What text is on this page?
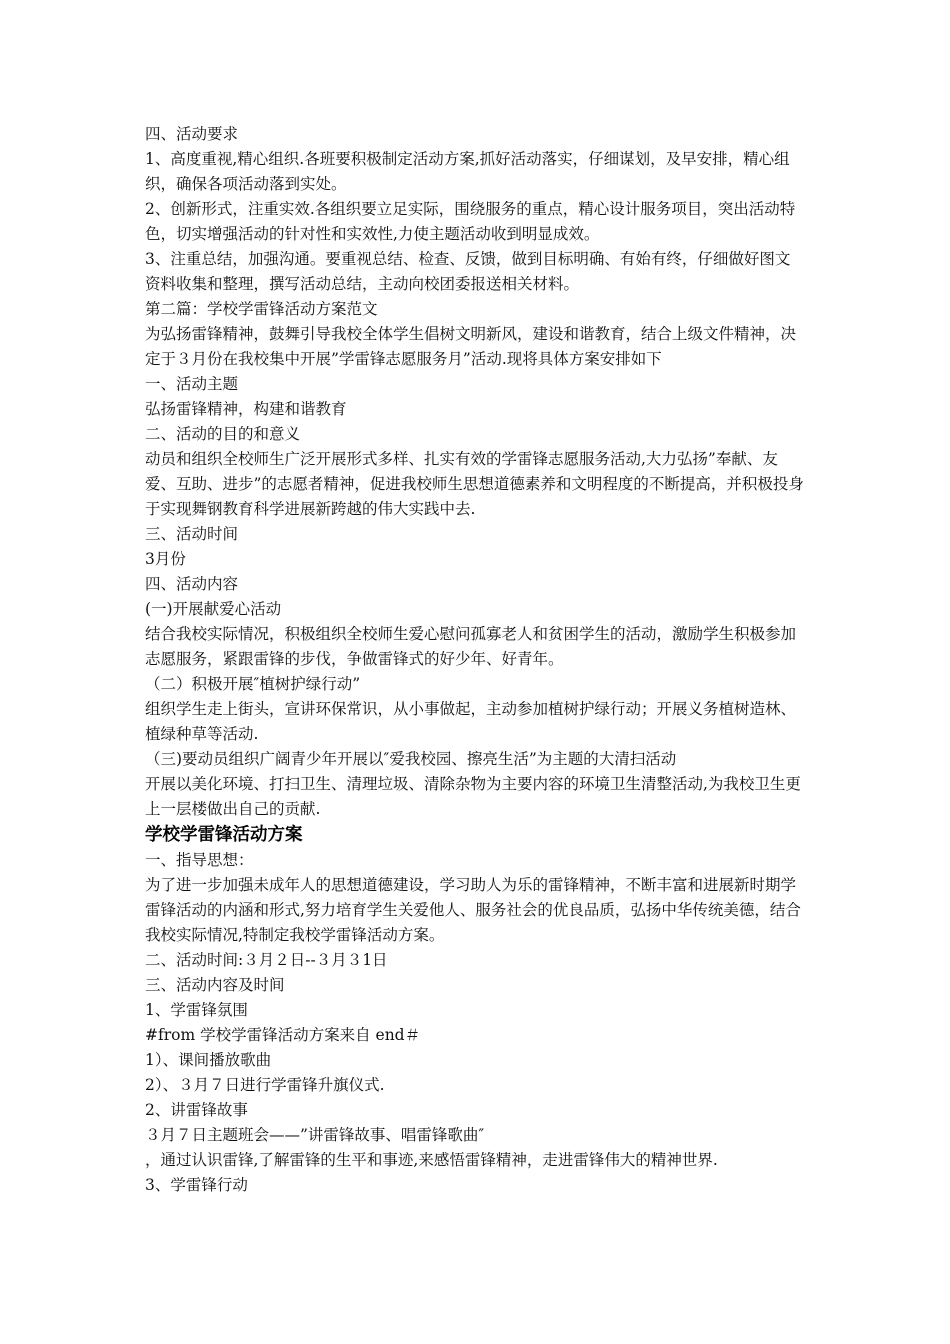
四、活动要求

1、高度重视,精心组织.各班要积极制定活动方案,抓好活动落实，仔细谋划，及早安排，精心组织，确保各项活动落到实处。

2、创新形式，注重实效.各组织要立足实际，围绕服务的重点，精心设计服务项目，突出活动特色，切实增强活动的针对性和实效性,力使主题活动收到明显成效。

3、注重总结，加强沟通。要重视总结、检查、反馈，做到目标明确、有始有终，仔细做好图文资料收集和整理，撰写活动总结，主动向校团委报送相关材料。

第二篇：学校学雷锋活动方案范文

为弘扬雷锋精神，鼓舞引导我校全体学生倡树文明新风，建设和谐教育，结合上级文件精神，决定于３月份在我校集中开展”学雷锋志愿服务月”活动.现将具体方案安排如下

一、活动主题

弘扬雷锋精神，构建和谐教育

二、活动的目的和意义

动员和组织全校师生广泛开展形式多样、扎实有效的学雷锋志愿服务活动,大力弘扬”奉献、友爱、互助、进步”的志愿者精神，促进我校师生思想道德素养和文明程度的不断提高，并积极投身于实现舞钢教育科学进展新跨越的伟大实践中去.

三、活动时间

3月份

四、活动内容

(一)开展献爱心活动

结合我校实际情况，积极组织全校师生爱心慰问孤寡老人和贫困学生的活动，激励学生积极参加志愿服务，紧跟雷锋的步伐，争做雷锋式的好少年、好青年。

（二）积极开展″植树护绿行动”

组织学生走上街头，宣讲环保常识，从小事做起，主动参加植树护绿行动；开展义务植树造林、植绿种草等活动.

（三)要动员组织广阔青少年开展以″爱我校园、擦亮生活”为主题的大清扫活动

开展以美化环境、打扫卫生、清理垃圾、清除杂物为主要内容的环境卫生清整活动,为我校卫生更上一层楼做出自己的贡献.

学校学雷锋活动方案

一、指导思想：

为了进一步加强未成年人的思想道德建设，学习助人为乐的雷锋精神，不断丰富和进展新时期学雷锋活动的内涵和形式,努力培育学生关爱他人、服务社会的优良品质，弘扬中华传统美德，结合我校实际情况,特制定我校学雷锋活动方案。

二、活动时间:３月２日--３月３1日

三、活动内容及时间

1、学雷锋氛围

#from 学校学雷锋活动方案来自 end＃

1）、课间播放歌曲

2）、３月７日进行学雷锋升旗仪式.

2、讲雷锋故事

３月７日主题班会——”讲雷锋故事、唱雷锋歌曲″

，通过认识雷锋,了解雷锋的生平和事迹,来感悟雷锋精神，走进雷锋伟大的精神世界.

3、学雷锋行动
